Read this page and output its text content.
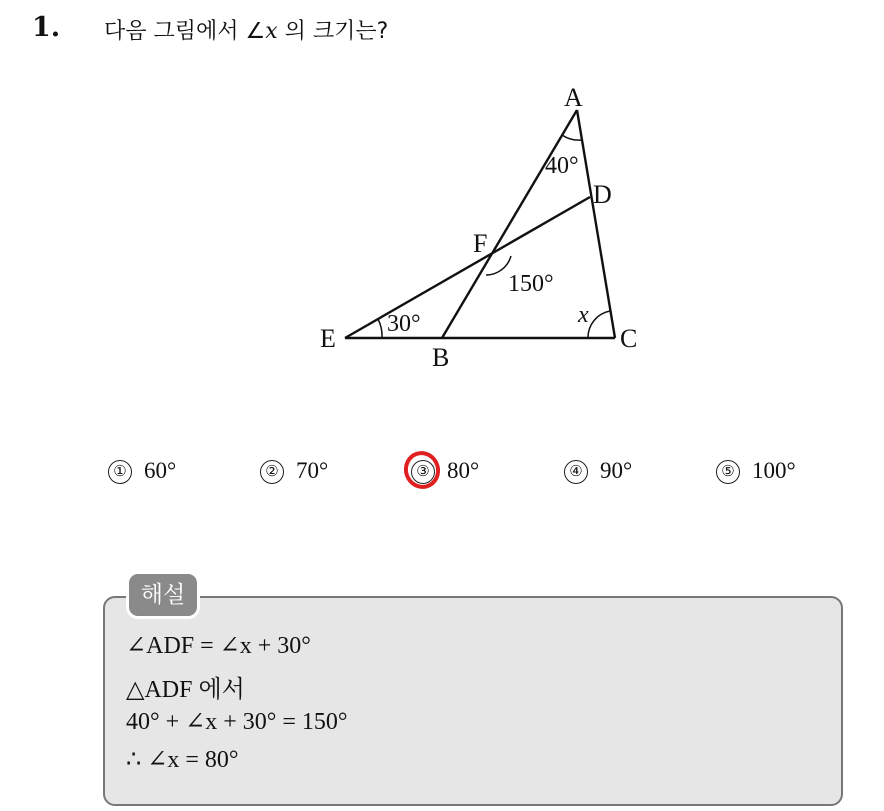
1. 다음 그림에서 ∠x 의 크기는?
A
D
F
E
B
C
40°
150°
30°	x
① 60°	② 70°	③ 80°	④ 90°	⑤ 100°
해설
∠ADF = ∠x + 30°
△ADF 에서
40° + ∠x + 30° = 150°
∴ ∠x = 80°
